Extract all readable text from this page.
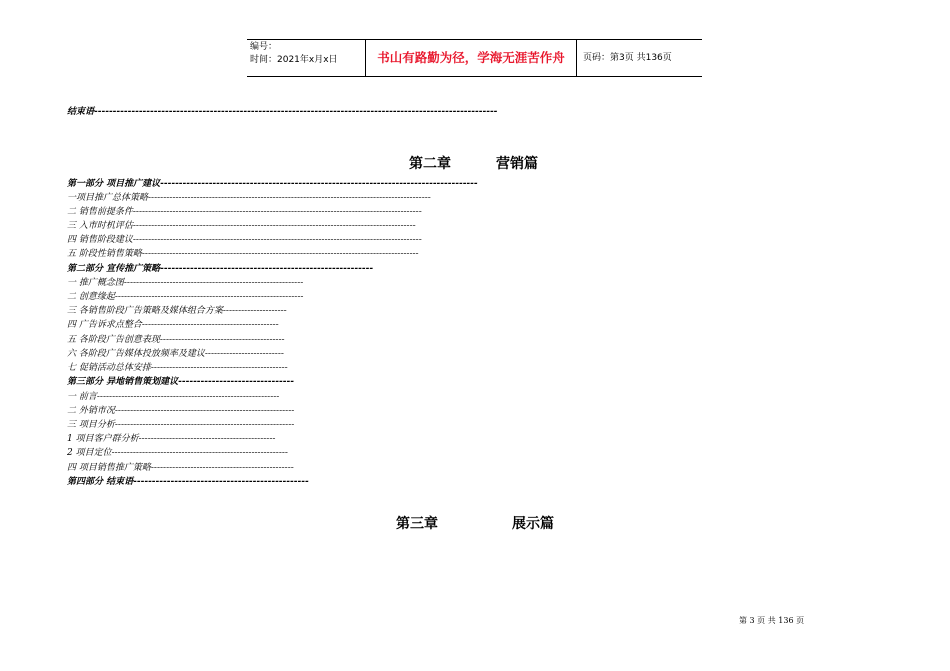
编号：
时间：2021年x月x日	书山有路勤为径，学海无涯苦作舟	页码：第3页 共136页
结束语------------------------------------------------------------------------------------------------------------
第二章	营销篇
第一部分 项目推广建议-------------------------------------------------------------------------------------
一项目推广总体策略---------------------------------------------------------------------------------------------
二 销售前提条件-----------------------------------------------------------------------------------------------
三 入市时机评估---------------------------------------------------------------------------------------------
四 销售阶段建议-----------------------------------------------------------------------------------------------
五 阶段性销售策略-------------------------------------------------------------------------------------------
第二部分 宣传推广策略---------------------------------------------------------
一 推广概念图-----------------------------------------------------------
二 创意缘起--------------------------------------------------------------
三 各销售阶段广告策略及媒体组合方案---------------------
四 广告诉求点整合---------------------------------------------
五 各阶段广告创意表现-----------------------------------------
六 各阶段广告媒体投放频率及建议--------------------------
七 促销活动总体安排---------------------------------------------
第三部分 异地销售策划建议-------------------------------
一 前言------------------------------------------------------------
二 外销市况-----------------------------------------------------------
三 项目分析-----------------------------------------------------------
1 项目客户群分析---------------------------------------------
2 项目定位----------------------------------------------------------
四 项目销售推广策略-----------------------------------------------
第四部分 结束语-----------------------------------------------
第三章	展示篇
第 3 页 共 136 页
